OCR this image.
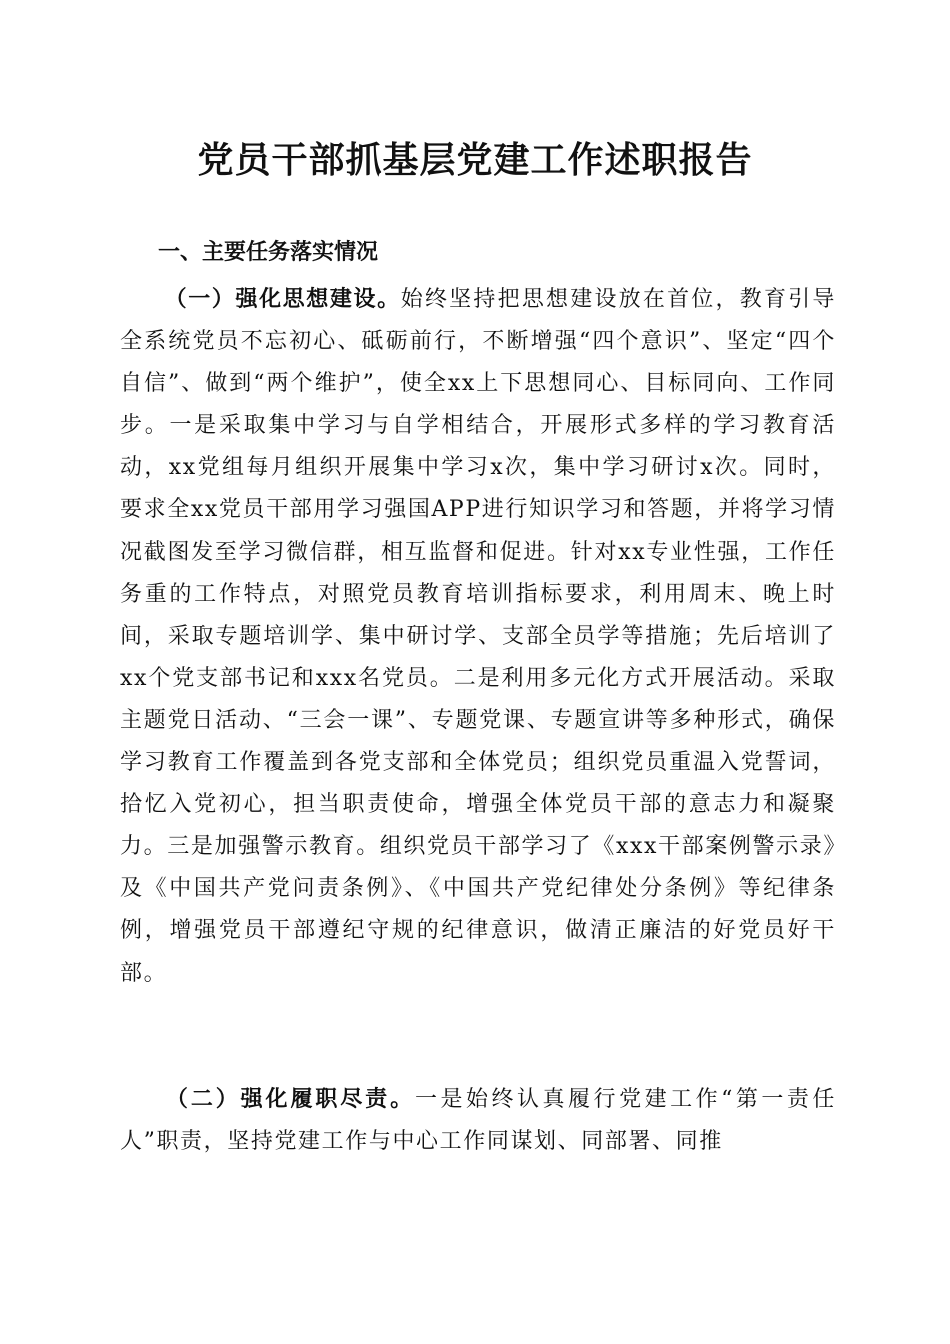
党员干部抓基层党建工作述职报告
一、主要任务落实情况

（一）强化思想建设。始终坚持把思想建设放在首位，教育引导全系统党员不忘初心、砥砺前行，不断增强“四个意识”、坚定“四个自信”、做到“两个维护”，使全xx上下思想同心、目标同向、工作同步。一是采取集中学习与自学相结合，开展形式多样的学习教育活动，xx党组每月组织开展集中学习x次，集中学习研讨x次。同时，要求全xx党员干部用学习强国APP进行知识学习和答题，并将学习情况截图发至学习微信群，相互监督和促进。针对xx专业性强，工作任务重的工作特点，对照党员教育培训指标要求，利用周末、晚上时间，采取专题培训学、集中研讨学、支部全员学等措施；先后培训了xx个党支部书记和xxx名党员。二是利用多元化方式开展活动。采取主题党日活动、“三会一课”、专题党课、专题宣讲等多种形式，确保学习教育工作覆盖到各党支部和全体党员；组织党员重温入党誓词，拾忆入党初心，担当职责使命，增强全体党员干部的意志力和凝聚力。三是加强警示教育。组织党员干部学习了《xxx干部案例警示录》及《中国共产党问责条例》、《中国共产党纪律处分条例》等纪律条例，增强党员干部遵纪守规的纪律意识，做清正廉洁的好党员好干部。

（二）强化履职尽责。一是始终认真履行党建工作“第一责任人”职责，坚持党建工作与中心工作同谋划、同部署、同推
